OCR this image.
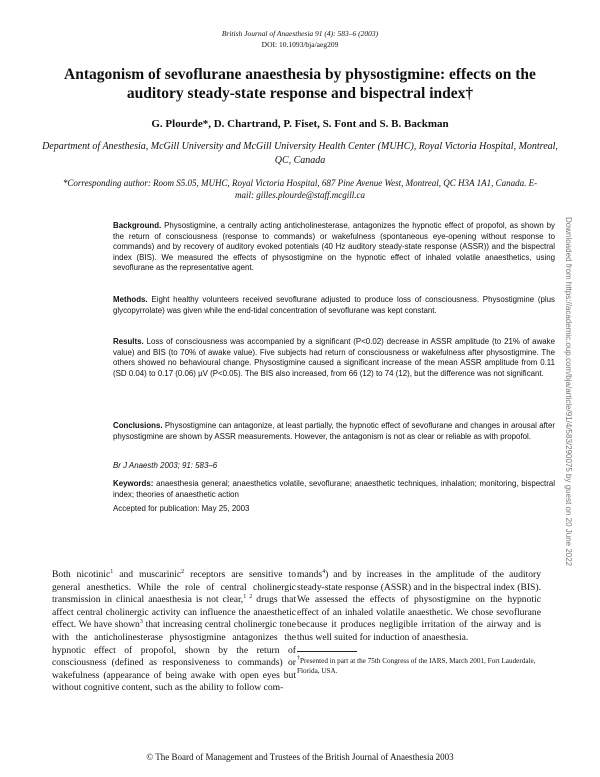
British Journal of Anaesthesia 91 (4): 583–6 (2003)
DOI: 10.1093/bja/aeg209
Antagonism of sevoflurane anaesthesia by physostigmine: effects on the auditory steady-state response and bispectral index†
G. Plourde*, D. Chartrand, P. Fiset, S. Font and S. B. Backman
Department of Anesthesia, McGill University and McGill University Health Center (MUHC), Royal Victoria Hospital, Montreal, QC, Canada
*Corresponding author: Room S5.05, MUHC, Royal Victoria Hospital, 687 Pine Avenue West, Montreal, QC H3A 1A1, Canada. E-mail: gilles.plourde@staff.mcgill.ca
Background. Physostigmine, a centrally acting anticholinesterase, antagonizes the hypnotic effect of propofol, as shown by the return of consciousness (response to commands) or wakefulness (spontaneous eye-opening without response to commands) and by recovery of auditory evoked potentials (40 Hz auditory steady-state response (ASSR)) and the bispectral index (BIS). We measured the effects of physostigmine on the hypnotic effect of inhaled volatile anaesthetics, using sevoflurane as the representative agent.
Methods. Eight healthy volunteers received sevoflurane adjusted to produce loss of consciousness. Physostigmine (plus glycopyrrolate) was given while the end-tidal concentration of sevoflurane was kept constant.
Results. Loss of consciousness was accompanied by a significant (P<0.02) decrease in ASSR amplitude (to 21% of awake value) and BIS (to 70% of awake value). Five subjects had return of consciousness or wakefulness after physostigmine. The others showed no behavioural change. Physostigmine caused a significant increase of the mean ASSR amplitude from 0.11 (SD 0.04) to 0.17 (0.06) µV (P<0.05). The BIS also increased, from 66 (12) to 74 (12), but the difference was not significant.
Conclusions. Physostigmine can antagonize, at least partially, the hypnotic effect of sevoflurane and changes in arousal after physostigmine are shown by ASSR measurements. However, the antagonism is not as clear or reliable as with propofol.
Br J Anaesth 2003; 91: 583–6
Keywords: anaesthesia general; anaesthetics volatile, sevoflurane; anaesthetic techniques, inhalation; monitoring, bispectral index; theories of anaesthetic action
Accepted for publication: May 25, 2003	Downloaded from https://academic.oup.com/bja/article/91/4/583/290075 by guest on 20 June 2022
Both nicotinic$^1$ and muscarinic$^2$ receptors are sensitive to general anesthetics. While the role of central cholinergic transmission in clinical anaesthesia is not clear,$^{1 2}$ drugs that affect central cholinergic activity can influence the anaesthetic effect. We have shown$^3$ that increasing central cholinergic tone with the anticholinesterase physostigmine antagonizes the hypnotic effect of propofol, shown by the return of consciousness (defined as responsiveness to commands) or wakefulness (appearance of being awake with open eyes but without cognitive content, such as the ability to follow com-
mands$^4$) and by increases in the amplitude of the auditory steady-state response (ASSR) and in the bispectral index (BIS). We assessed the effects of physostigmine on the hypnotic effect of an inhaled volatile anaesthetic. We chose sevoflurane because it produces negligible irritation of the airway and is thus well suited for induction of anaesthesia.
†Presented in part at the 75th Congress of the IARS, March 2001, Fort Lauderdale, Florida, USA.
© The Board of Management and Trustees of the British Journal of Anaesthesia 2003
